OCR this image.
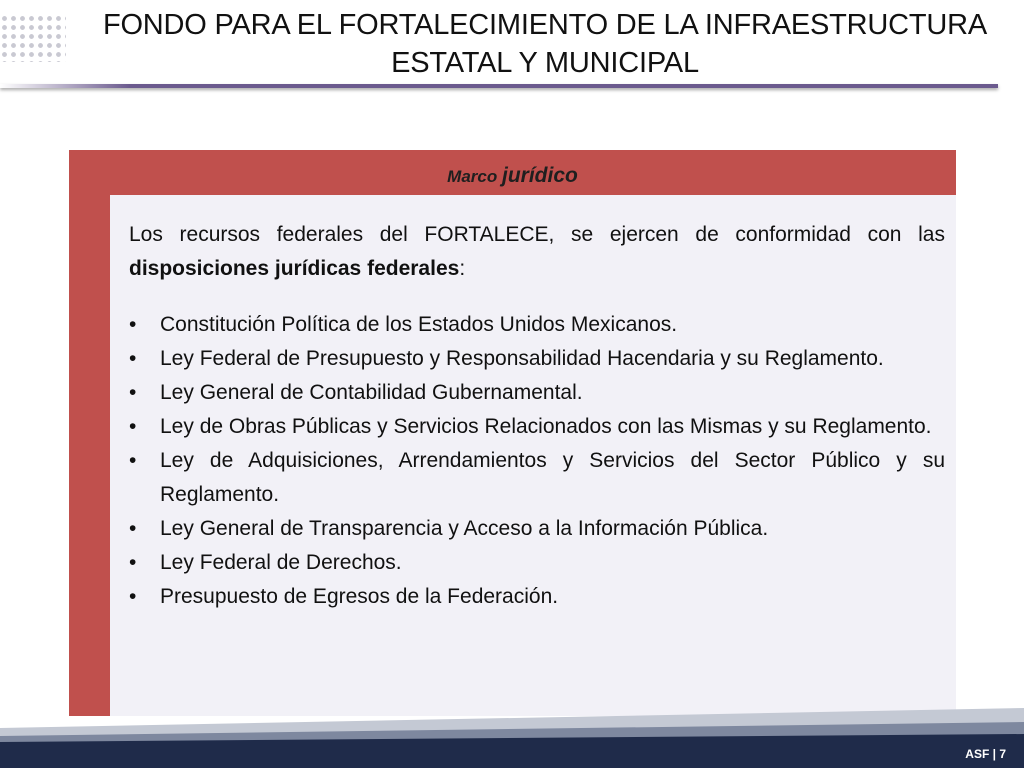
FONDO PARA EL FORTALECIMIENTO DE LA INFRAESTRUCTURA
ESTATAL Y MUNICIPAL
Marco jurídico

Los recursos federales del FORTALECE, se ejercen de conformidad con las disposiciones jurídicas federales:

• Constitución Política de los Estados Unidos Mexicanos.
• Ley Federal de Presupuesto y Responsabilidad Hacendaria y su Reglamento.
• Ley General de Contabilidad Gubernamental.
• Ley de Obras Públicas y Servicios Relacionados con las Mismas y su Reglamento.
• Ley de Adquisiciones, Arrendamientos y Servicios del Sector Público y su Reglamento.
• Ley General de Transparencia y Acceso a la Información Pública.
• Ley Federal de Derechos.
• Presupuesto de Egresos de la Federación.
ASF | 7
